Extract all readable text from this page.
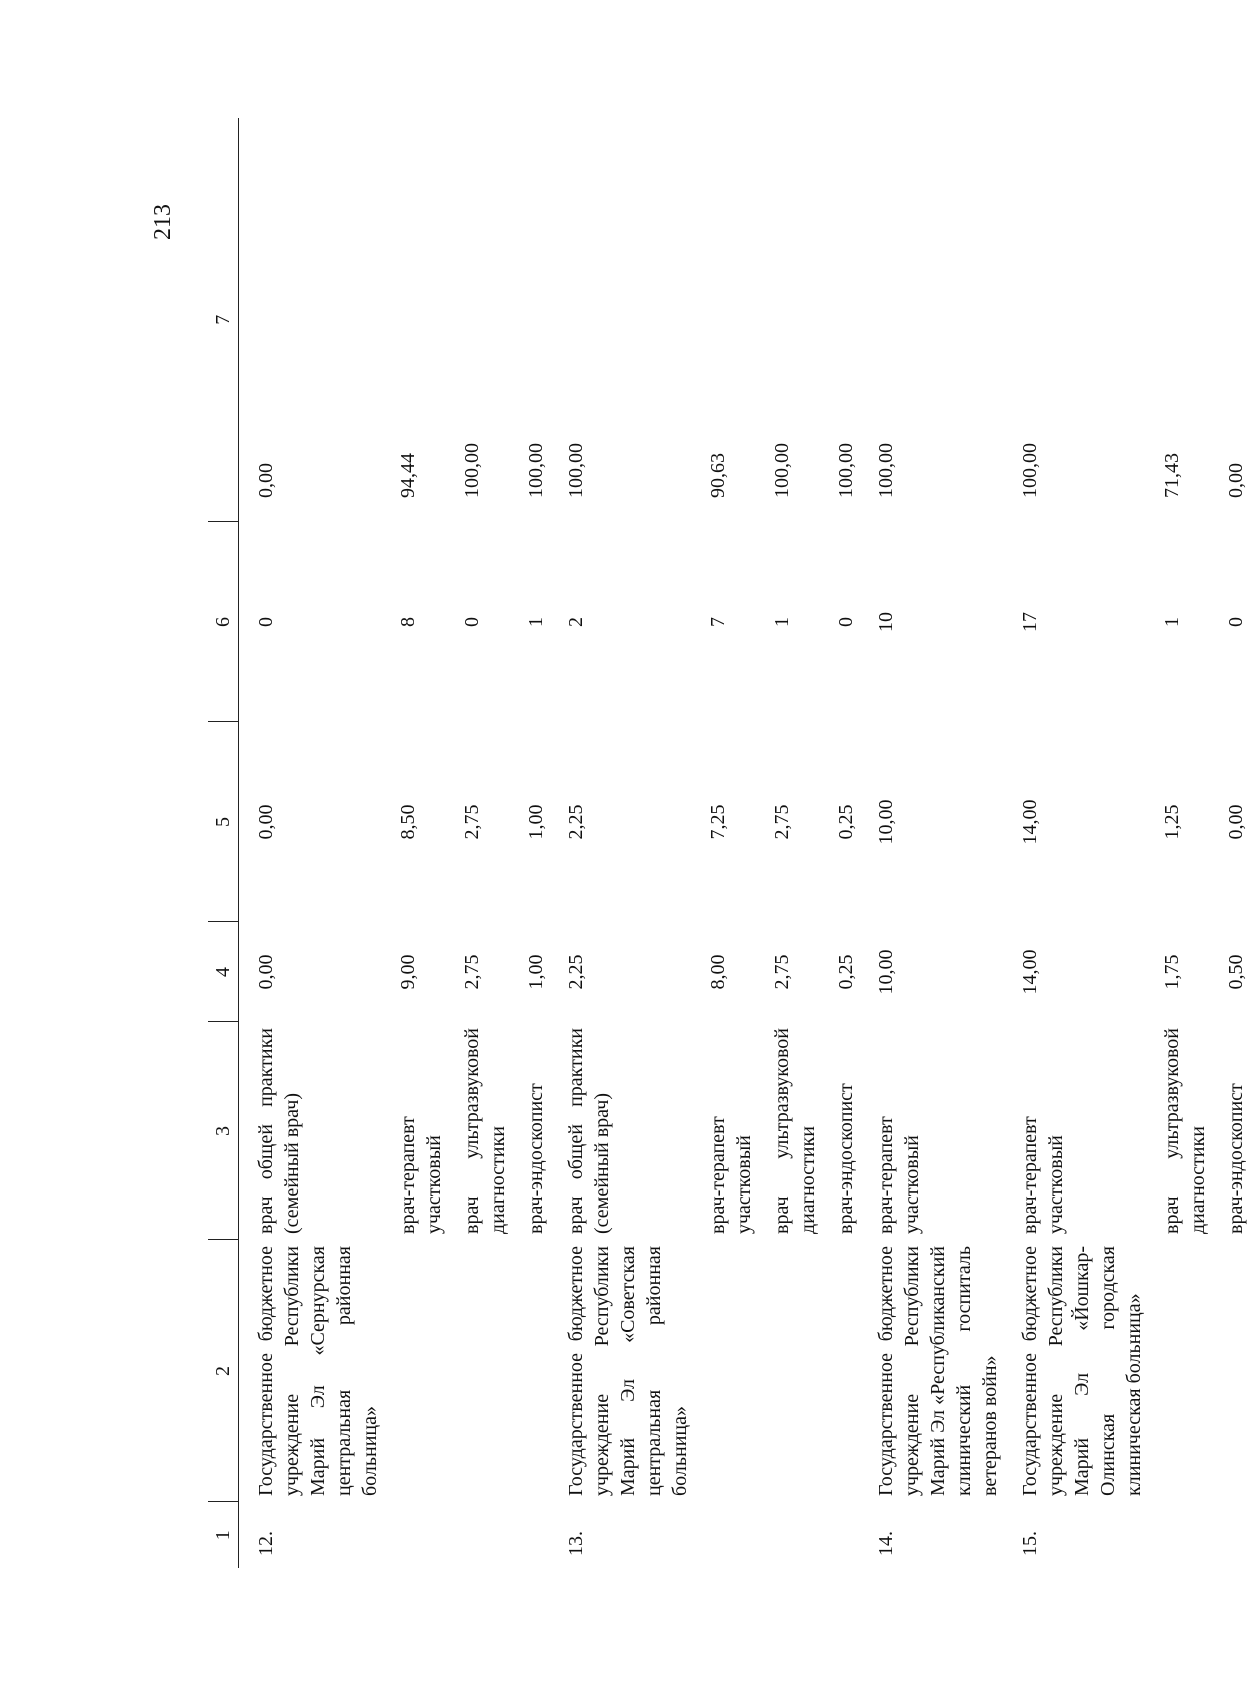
213
1	2	3	4	5	6	7
12.	Государственное бюджетное учреждение Республики Марий Эл «Сернурская центральная районная больница»	врач общей практики (семейный врач)	0,00	0,00	0	0,00
		врач-терапевт участковый	9,00	8,50	8	94,44
		врач ультразвуковой диагностики	2,75	2,75	0	100,00
		врач-эндоскопист	1,00	1,00	1	100,00
13.	Государственное бюджетное учреждение Республики Марий Эл «Советская центральная районная больница»	врач общей практики (семейный врач)	2,25	2,25	2	100,00
		врач-терапевт участковый	8,00	7,25	7	90,63
		врач ультразвуковой диагностики	2,75	2,75	1	100,00
		врач-эндоскопист	0,25	0,25	0	100,00
14.	Государственное бюджетное учреждение Республики Марий Эл «Республиканский клинический госпиталь ветеранов войн»	врач-терапевт участковый	10,00	10,00	10	100,00
15.	Государственное бюджетное учреждение Республики Марий Эл «Йошкар-Олинская городская клиническая больница»	врач-терапевт участковый	14,00	14,00	17	100,00
		врач ультразвуковой диагностики	1,75	1,25	1	71,43
		врач-эндоскопист	0,50	0,00	0	0,00
